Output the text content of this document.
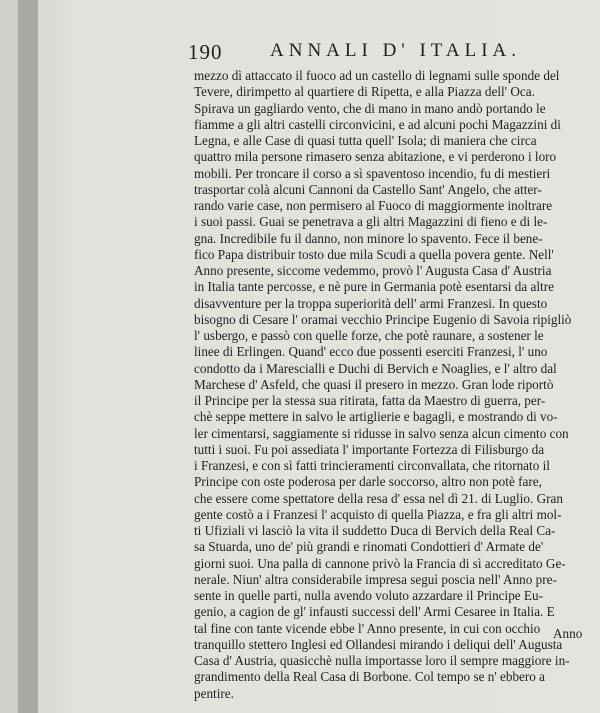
190	ANNALI D' ITALIA.
mezzo dì attaccato il fuoco ad un castello di legnami sulle sponde del
Tevere, dirimpetto al quartiere di Ripetta, e alla Piazza dell' Oca.
Spirava un gagliardo vento, che di mano in mano andò portando le
fiamme a gli altri castelli circonvicini, e ad alcuni pochi Magazzini di
Legna, e alle Case di quasi tutta quell' Isola; di maniera che circa
quattro mila persone rimasero senza abitazione, e vi perderono i loro
mobili. Per troncare il corso a sì spaventoso incendio, fu di mestieri
trasportar colà alcuni Cannoni da Castello Sant' Angelo, che atter-
rando varie case, non permisero al Fuoco di maggiormente inoltrare
i suoi passi. Guai se penetrava a gli altri Magazzini di fieno e di le-
gna. Incredibile fu il danno, non minore lo spavento. Fece il bene-
fico Papa distribuir tosto due mila Scudi a quella povera gente. Nell'
Anno presente, siccome vedemmo, provò l' Augusta Casa d' Austria
in Italia tante percosse, e nè pure in Germania potè esentarsi da altre
disavventure per la troppa superiorità dell' armi Franzesi. In questo
bisogno di Cesare l' oramai vecchio Principe Eugenio di Savoia ripigliò
l' usbergo, e passò con quelle forze, che potè raunare, a sostener le
linee di Erlingen. Quand' ecco due possenti eserciti Franzesi, l' uno
condotto da i Marescialli e Duchi di Bervich e Noaglies, e l' altro dal
Marchese d' Asfeld, che quasi il presero in mezzo. Gran lode riportò
il Principe per la stessa sua ritirata, fatta da Maestro di guerra, per-
chè seppe mettere in salvo le artiglierie e bagagli, e mostrando di vo-
ler cimentarsi, saggiamente si ridusse in salvo senza alcun cimento con
tutti i suoi. Fu poi assediata l' importante Fortezza di Filisburgo da
i Franzesi, e con sì fatti trincieramenti circonvallata, che ritornato il
Principe con oste poderosa per darle soccorso, altro non potè fare,
che essere come spettatore della resa d' essa nel dì 21. di Luglio. Gran
gente costò a i Franzesi l' acquisto di quella Piazza, e fra gli altri mol-
ti Ufiziali vi lasciò la vita il suddetto Duca di Bervich della Real Ca-
sa Stuarda, uno de' più grandi e rinomati Condottieri d' Armate de'
giorni suoi. Una palla di cannone privò la Francia di sì accreditato Ge-
nerale. Niun' altra considerabile impresa seguì poscia nell' Anno pre-
sente in quelle parti, nulla avendo voluto azzardare il Principe Eu-
genio, a cagion de gl' infausti successi dell' Armi Cesaree in Italia. E
tal fine con tante vicende ebbe l' Anno presente, in cui con occhio
tranquillo stettero Inglesi ed Ollandesi mirando i deliqui dell' Augusta
Casa d' Austria, quasicchè nulla importasse loro il sempre maggiore in-
grandimento della Real Casa di Borbone. Col tempo se n' ebbero a
pentire.
Anno
